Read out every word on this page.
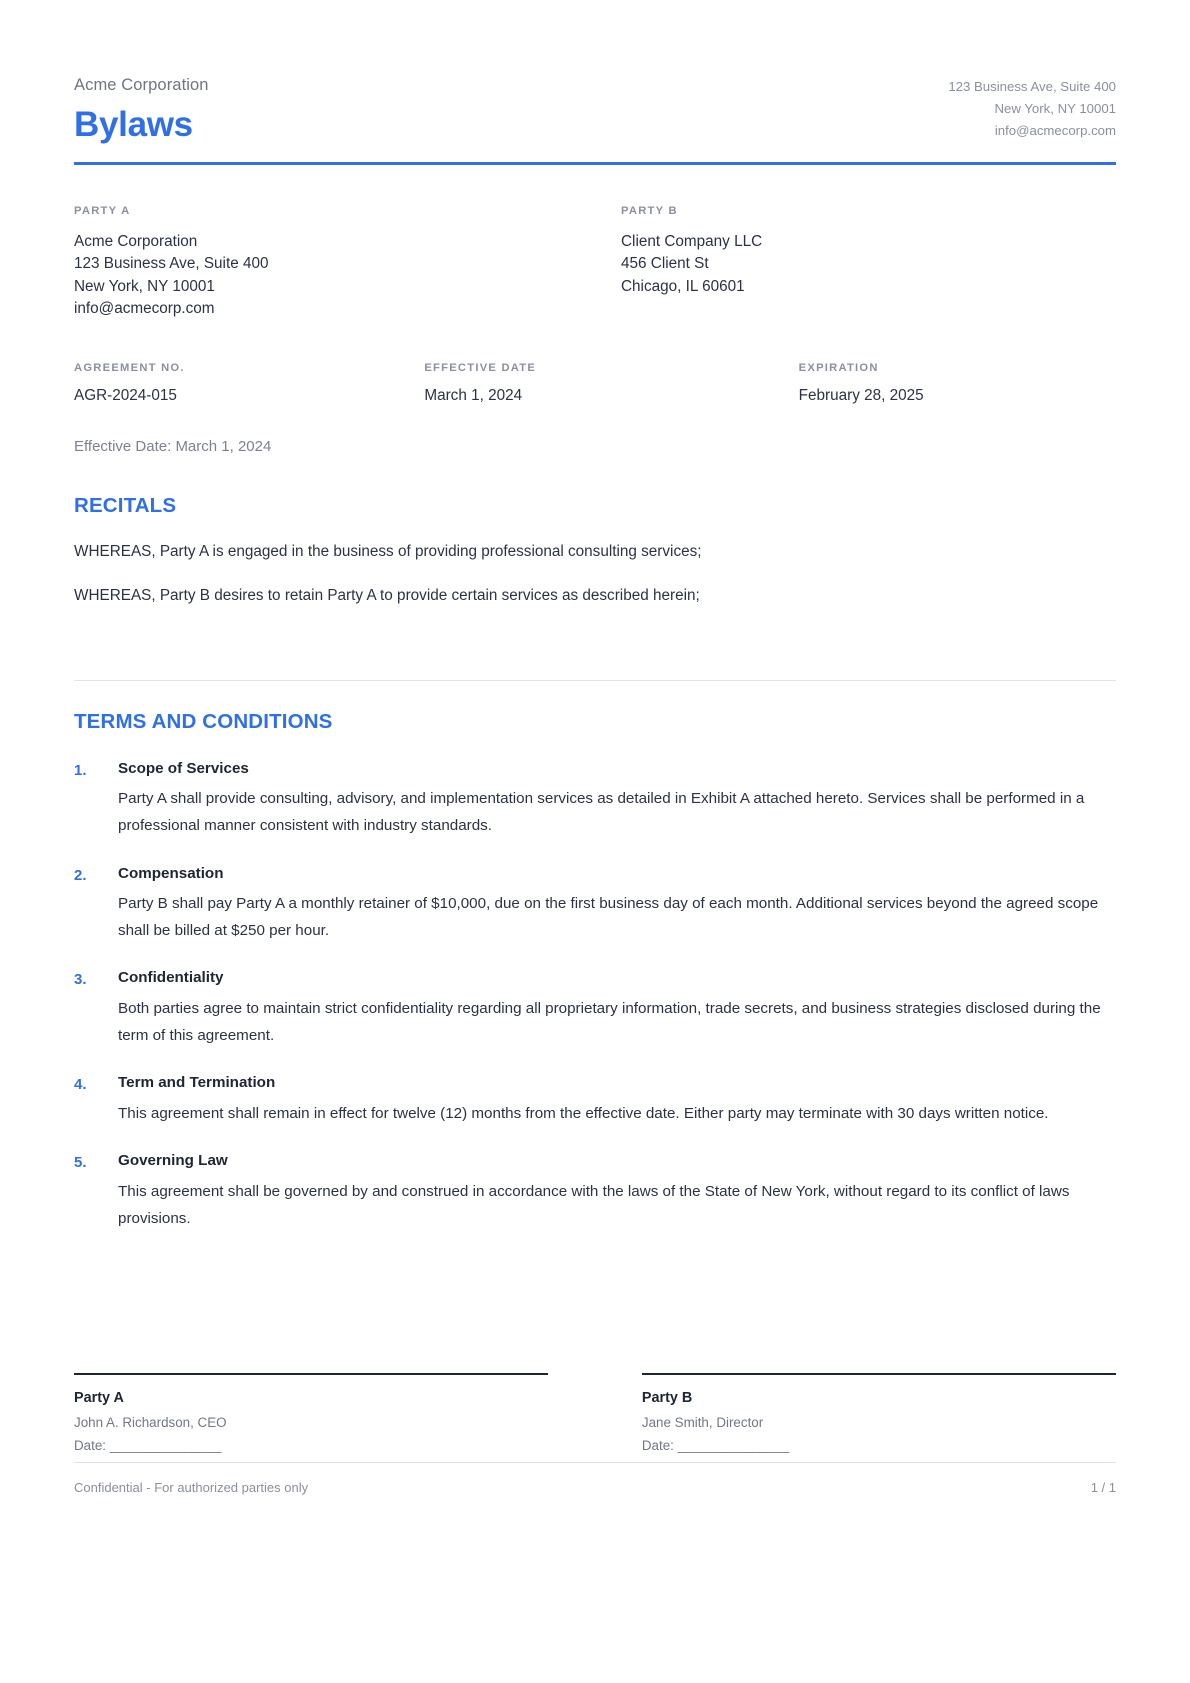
Acme Corporation
Bylaws
123 Business Ave, Suite 400
New York, NY 10001
info@acmecorp.com
PARTY A
Acme Corporation
123 Business Ave, Suite 400
New York, NY 10001
info@acmecorp.com
PARTY B
Client Company LLC
456 Client St
Chicago, IL 60601
AGREEMENT NO.
AGR-2024-015
EFFECTIVE DATE
March 1, 2024
EXPIRATION
February 28, 2025
Effective Date: March 1, 2024
RECITALS
WHEREAS, Party A is engaged in the business of providing professional consulting services;
WHEREAS, Party B desires to retain Party A to provide certain services as described herein;
TERMS AND CONDITIONS
1.	Scope of Services
Party A shall provide consulting, advisory, and implementation services as detailed in Exhibit A attached hereto. Services shall be performed in a professional manner consistent with industry standards.
2.	Compensation
Party B shall pay Party A a monthly retainer of $10,000, due on the first business day of each month. Additional services beyond the agreed scope shall be billed at $250 per hour.
3.	Confidentiality
Both parties agree to maintain strict confidentiality regarding all proprietary information, trade secrets, and business strategies disclosed during the term of this agreement.
4.	Term and Termination
This agreement shall remain in effect for twelve (12) months from the effective date. Either party may terminate with 30 days written notice.
5.	Governing Law
This agreement shall be governed by and construed in accordance with the laws of the State of New York, without regard to its conflict of laws provisions.
Party A
John A. Richardson, CEO
Date: _______________
Party B
Jane Smith, Director
Date: _______________
Confidential - For authorized parties only	1 / 1
